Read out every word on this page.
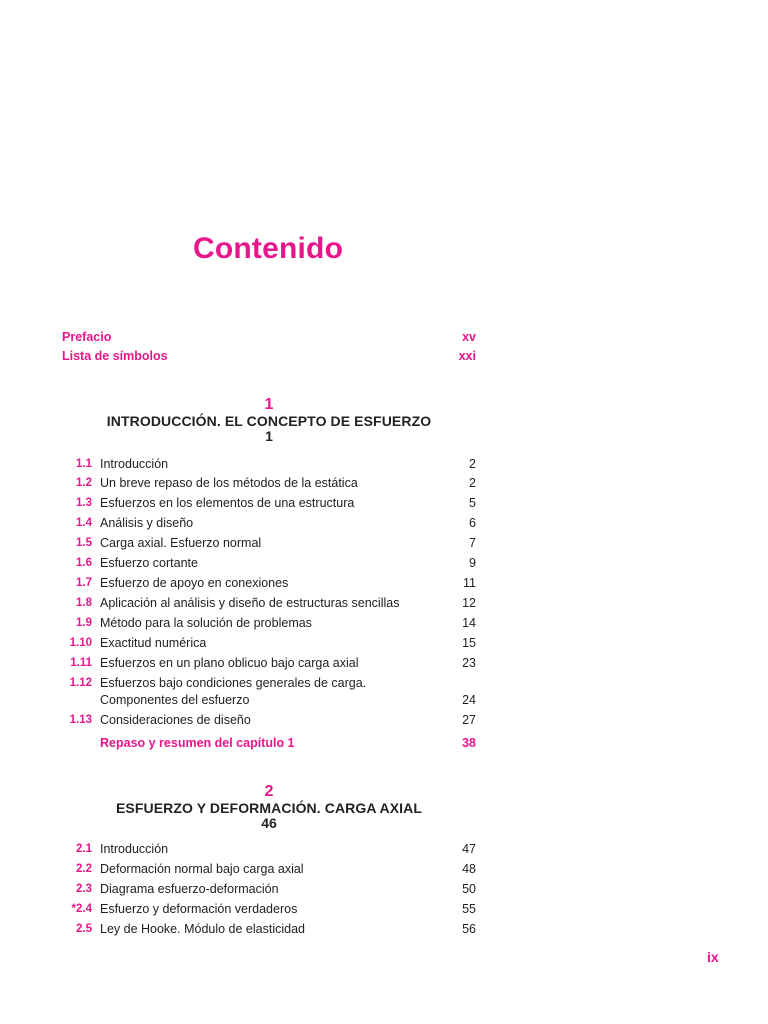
Contenido
Prefacio	xv
Lista de símbolos	xxi
1
INTRODUCCIÓN. EL CONCEPTO DE ESFUERZO
1
1.1 Introducción	2
1.2 Un breve repaso de los métodos de la estática	2
1.3 Esfuerzos en los elementos de una estructura	5
1.4 Análisis y diseño	6
1.5 Carga axial. Esfuerzo normal	7
1.6 Esfuerzo cortante	9
1.7 Esfuerzo de apoyo en conexiones	11
1.8 Aplicación al análisis y diseño de estructuras sencillas	12
1.9 Método para la solución de problemas	14
1.10 Exactitud numérica	15
1.11 Esfuerzos en un plano oblicuo bajo carga axial	23
1.12 Esfuerzos bajo condiciones generales de carga.
Componentes del esfuerzo	24
1.13 Consideraciones de diseño	27
Repaso y resumen del capítulo 1	38
2
ESFUERZO Y DEFORMACIÓN. CARGA AXIAL
46
2.1 Introducción	47
2.2 Deformación normal bajo carga axial	48
2.3 Diagrama esfuerzo-deformación	50
*2.4 Esfuerzo y deformación verdaderos	55
2.5 Ley de Hooke. Módulo de elasticidad	56
ix
